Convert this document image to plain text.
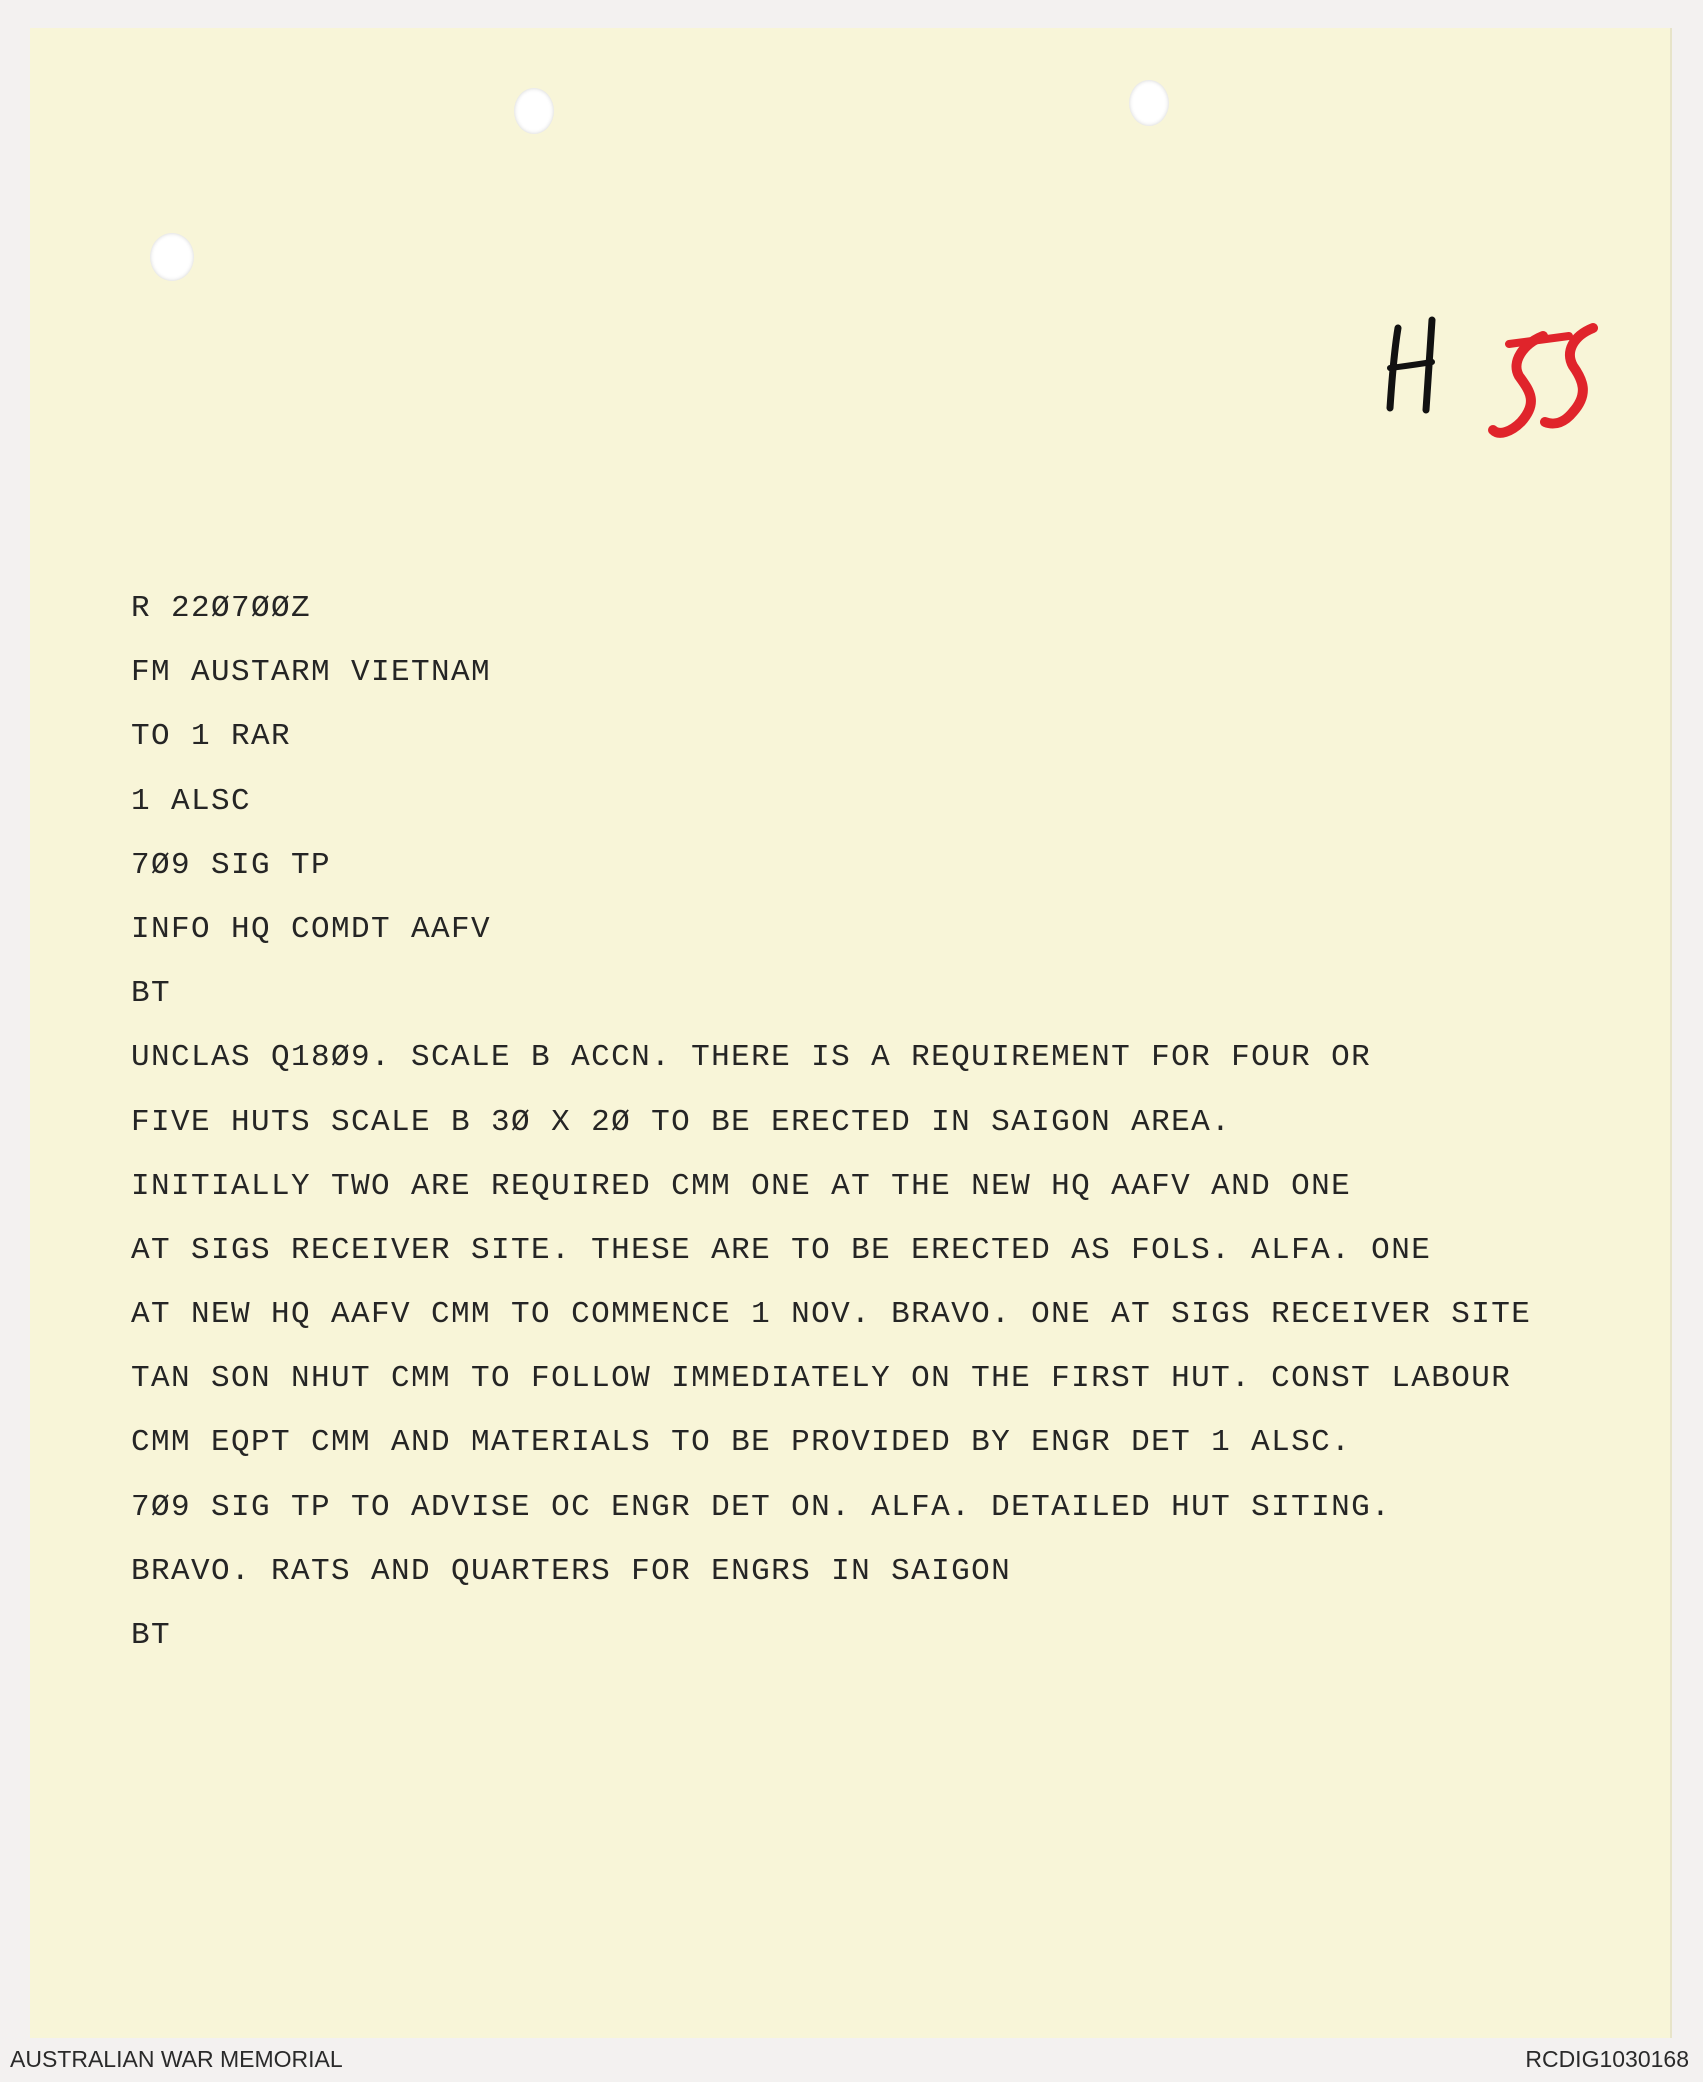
R 22Ø7ØØZ
FM AUSTARM VIETNAM
TO 1 RAR
1 ALSC
7Ø9 SIG TP
INFO HQ COMDT AAFV
BT
UNCLAS Q18Ø9. SCALE B ACCN. THERE IS A REQUIREMENT FOR FOUR OR
FIVE HUTS SCALE B 3Ø X 2Ø TO BE ERECTED IN SAIGON AREA.
INITIALLY TWO ARE REQUIRED CMM ONE AT THE NEW HQ AAFV AND ONE
AT SIGS RECEIVER SITE. THESE ARE TO BE ERECTED AS FOLS. ALFA. ONE
AT NEW HQ AAFV CMM TO COMMENCE 1 NOV. BRAVO. ONE AT SIGS RECEIVER SITE
TAN SON NHUT CMM TO FOLLOW IMMEDIATELY ON THE FIRST HUT. CONST LABOUR
CMM EQPT CMM AND MATERIALS TO BE PROVIDED BY ENGR DET 1 ALSC.
7Ø9 SIG TP TO ADVISE OC ENGR DET ON. ALFA. DETAILED HUT SITING.
BRAVO. RATS AND QUARTERS FOR ENGRS IN SAIGON
BT
AUSTRALIAN WAR MEMORIAL	RCDIG1030168
